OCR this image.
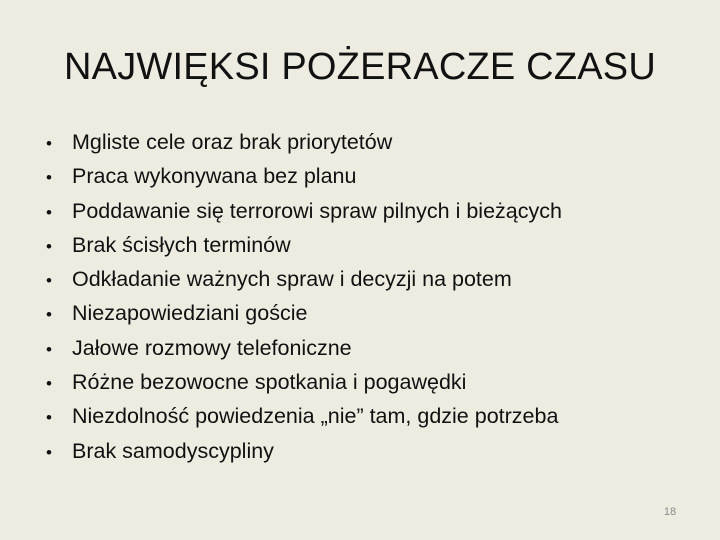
NAJWIĘKSI POŻERACZE CZASU
• Mgliste cele oraz brak priorytetów
• Praca wykonywana bez planu
• Poddawanie się terrorowi spraw pilnych i bieżących
• Brak ścisłych terminów
• Odkładanie ważnych spraw i decyzji na potem
• Niezapowiedziani goście
• Jałowe rozmowy telefoniczne
• Różne bezowocne spotkania i pogawędki
• Niezdolność powiedzenia „nie” tam, gdzie potrzeba
• Brak samodyscypliny
18
